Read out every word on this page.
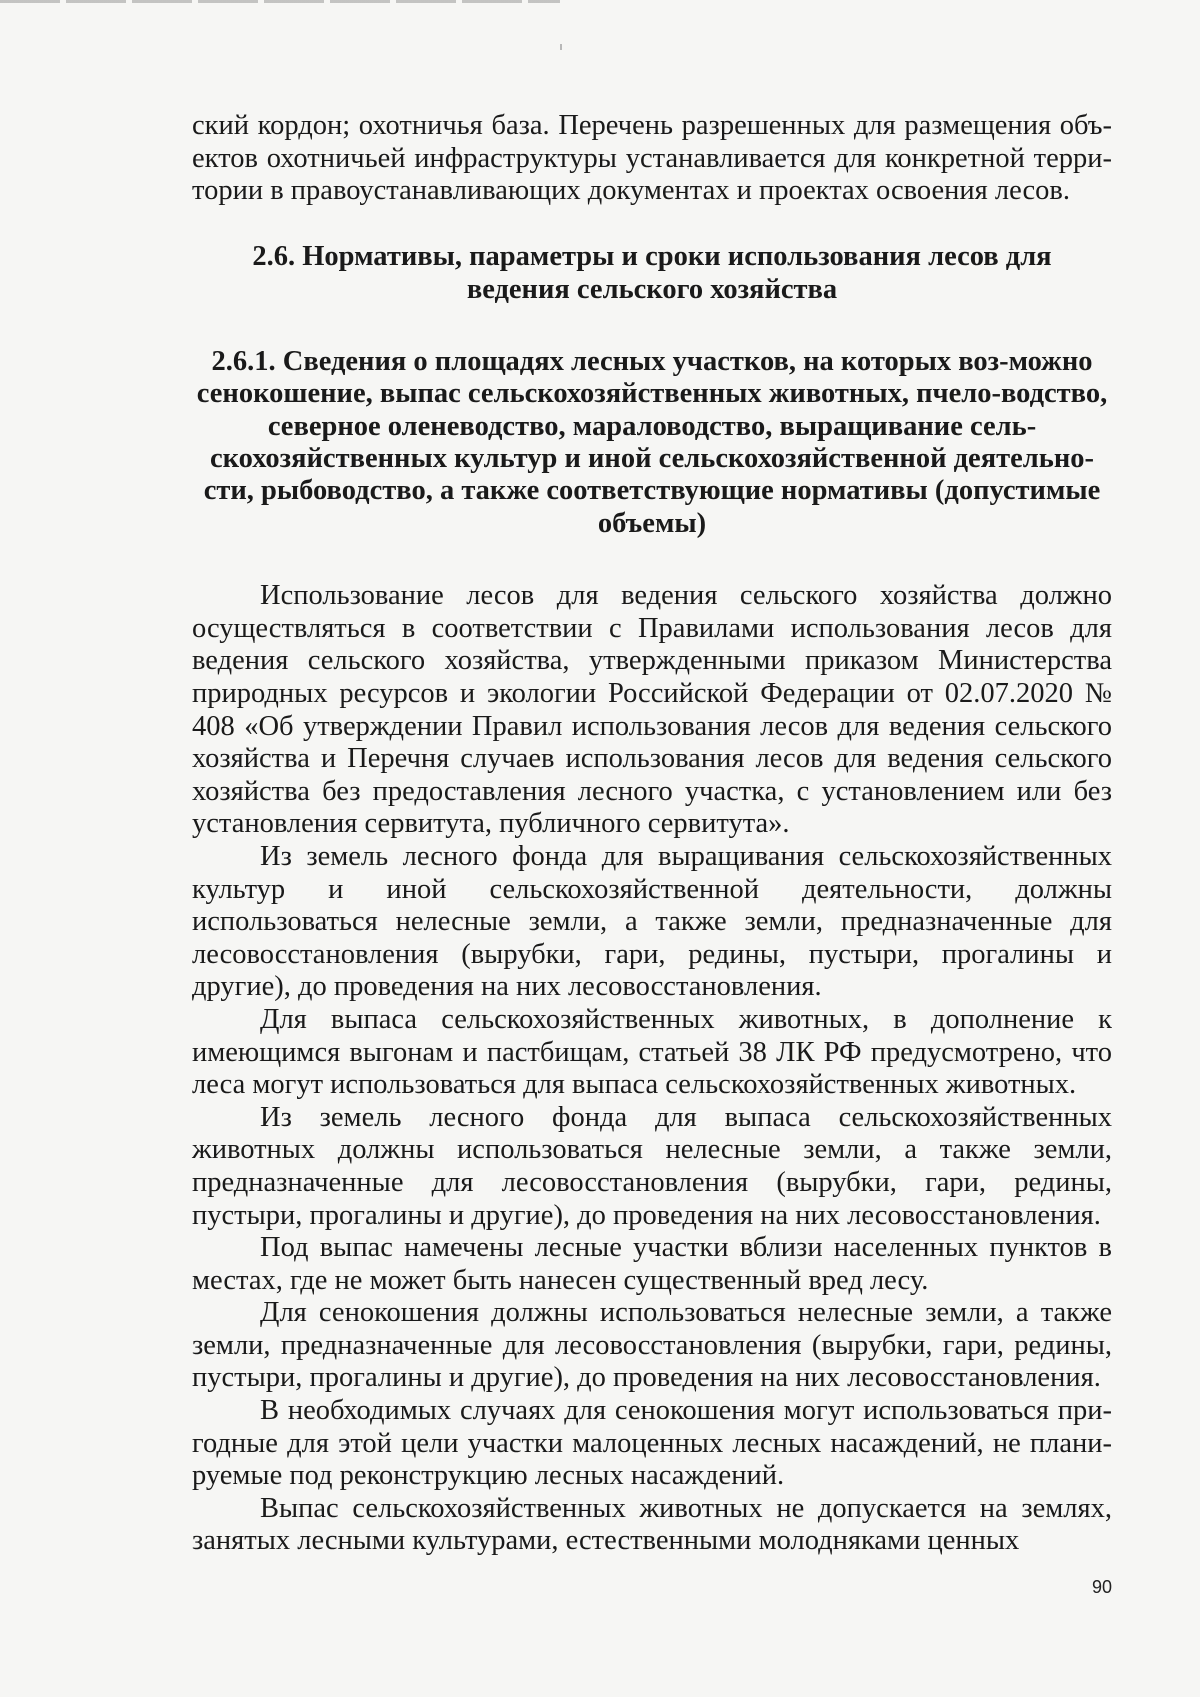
ский кордон; охотничья база. Перечень разрешенных для размещения объ-ектов охотничьей инфраструктуры устанавливается для конкретной терри-тории в правоустанавливающих документах и проектах освоения лесов.

2.6. Нормативы, параметры и сроки использования лесов для ведения сельского хозяйства
2.6.1. Сведения о площадях лесных участков, на которых воз-можно сенокошение, выпас сельскохозяйственных животных, пчело-водство, северное оленеводство, мараловодство, выращивание сель-скохозяйственных культур и иной сельскохозяйственной деятельно-сти, рыбоводство, а также соответствующие нормативы (допустимые объемы)

Использование лесов для ведения сельского хозяйства должно осуществляться в соответствии с Правилами использования лесов для ведения сельского хозяйства, утвержденными приказом Министерства природных ресурсов и экологии Российской Федерации от 02.07.2020 № 408 «Об утверждении Правил использования лесов для ведения сельского хозяйства и Перечня случаев использования лесов для ведения сельского хозяйства без предоставления лесного участка, с установлением или без установления сервитута, публичного сервитута».

Из земель лесного фонда для выращивания сельскохозяйственных культур и иной сельскохозяйственной деятельности, должны использоваться нелесные земли, а также земли, предназначенные для лесовосстановления (вырубки, гари, редины, пустыри, прогалины и другие), до проведения на них лесовосстановления.

Для выпаса сельскохозяйственных животных, в дополнение к имеющимся выгонам и пастбищам, статьей 38 ЛК РФ предусмотрено, что леса могут использоваться для выпаса сельскохозяйственных животных.

Из земель лесного фонда для выпаса сельскохозяйственных животных должны использоваться нелесные земли, а также земли, предназначенные для лесовосстановления (вырубки, гари, редины, пустыри, прогалины и другие), до проведения на них лесовосстановления.

Под выпас намечены лесные участки вблизи населенных пунктов в местах, где не может быть нанесен существенный вред лесу.

Для сенокошения должны использоваться нелесные земли, а также земли, предназначенные для лесовосстановления (вырубки, гари, редины, пустыри, прогалины и другие), до проведения на них лесовосстановления.

В необходимых случаях для сенокошения могут использоваться при-годные для этой цели участки малоценных лесных насаждений, не плани-руемые под реконструкцию лесных насаждений.

Выпас сельскохозяйственных животных не допускается на землях, занятых лесными культурами, естественными молодняками ценных

90
